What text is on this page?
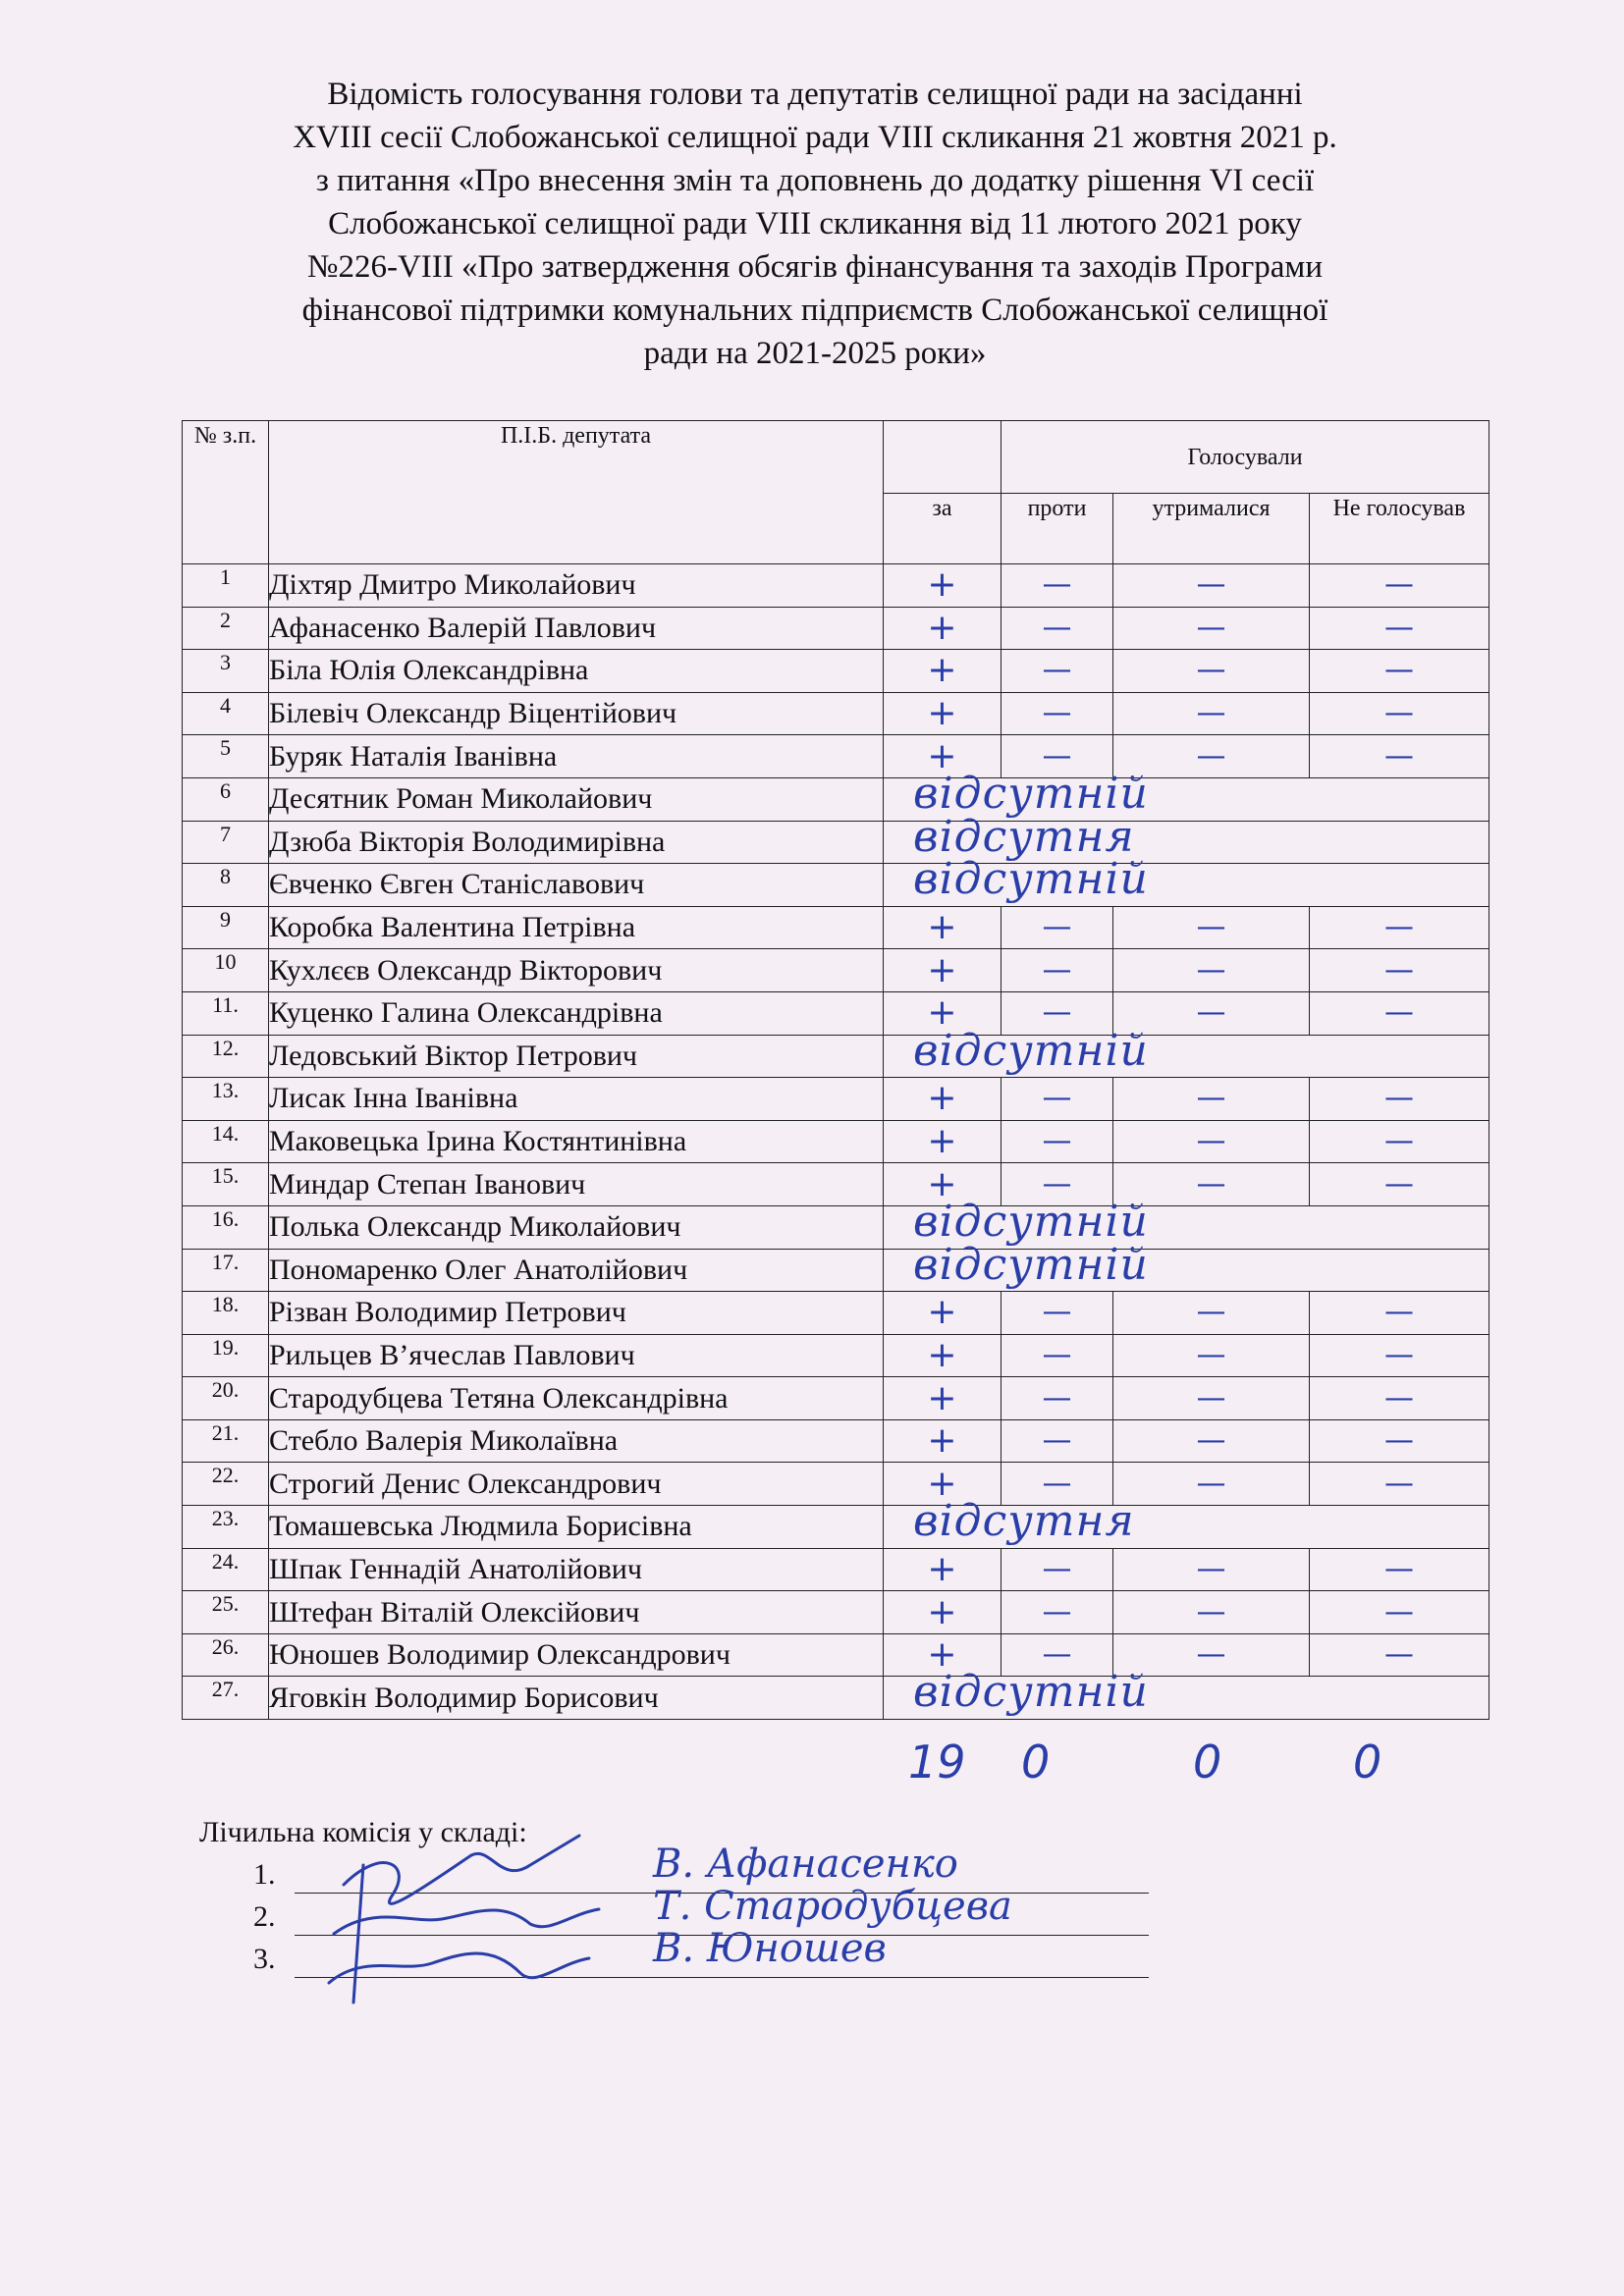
Відомість голосування голови та депутатів селищної ради на засіданні
XVIII сесії Слобожанської селищної ради VIII скликання 21 жовтня 2021 р.
з питання «Про внесення змін та доповнень до додатку рішення VI сесії
Слобожанської селищної ради VIII скликання від 11 лютого 2021 року
№226-VIII «Про затвердження обсягів фінансування та заходів Програми
фінансової підтримки комунальних підприємств Слобожанської селищної
ради на 2021-2025 роки»
№ з.п.	П.І.Б. депутата		Голосували		
		за	проти	утрималися	Не голосував
1	Діхтяр Дмитро Миколайович	+	—	—	—
2	Афанасенко Валерій Павлович	+	—	—	—
3	Біла Юлія Олександрівна	+	—	—	—
4	Білевіч Олександр Віцентійович	+	—	—	—
5	Буряк Наталія Іванівна	+	—	—	—
6	Десятник Роман Миколайович	відсутній			

7	Дзюба Вікторія Володимирівна	відсутня			

8	Євченко Євген Станіславович	відсутній			

9	Коробка Валентина Петрівна	+	—	—	—
10	Кухлєєв Олександр Вікторович	+	—	—	—
11.	Куценко Галина Олександрівна	+	—	—	—
12.	Ледовський Віктор Петрович	відсутній			

13.	Лисак Інна Іванівна	+	—	—	—
14.	Маковецька Ірина Костянтинівна	+	—	—	—
15.	Миндар Степан Іванович	+	—	—	—
16.	Полька Олександр Миколайович	відсутній			

17.	Пономаренко Олег Анатолійович	відсутній			

18.	Різван Володимир Петрович	+	—	—	—
19.	Рильцев В’ячеслав Павлович	+	—	—	—
20.	Стародубцева Тетяна Олександрівна	+	—	—	—
21.	Стебло Валерія Миколаївна	+	—	—	—
22.	Строгий Денис Олександрович	+	—	—	—
23.	Томашевська Людмила Борисівна	відсутня			

24.	Шпак Геннадій Анатолійович	+	—	—	—
25.	Штефан Віталій Олексійович	+	—	—	—
26.	Юношев Володимир Олександрович	+	—	—	—
27.	Яговкін Володимир Борисович	відсутній			
19 0	0	0
Лічильна комісія у складі:
1.	В. Афанасенко
2.	Т. Стародубцева
3.	В. Юношев
